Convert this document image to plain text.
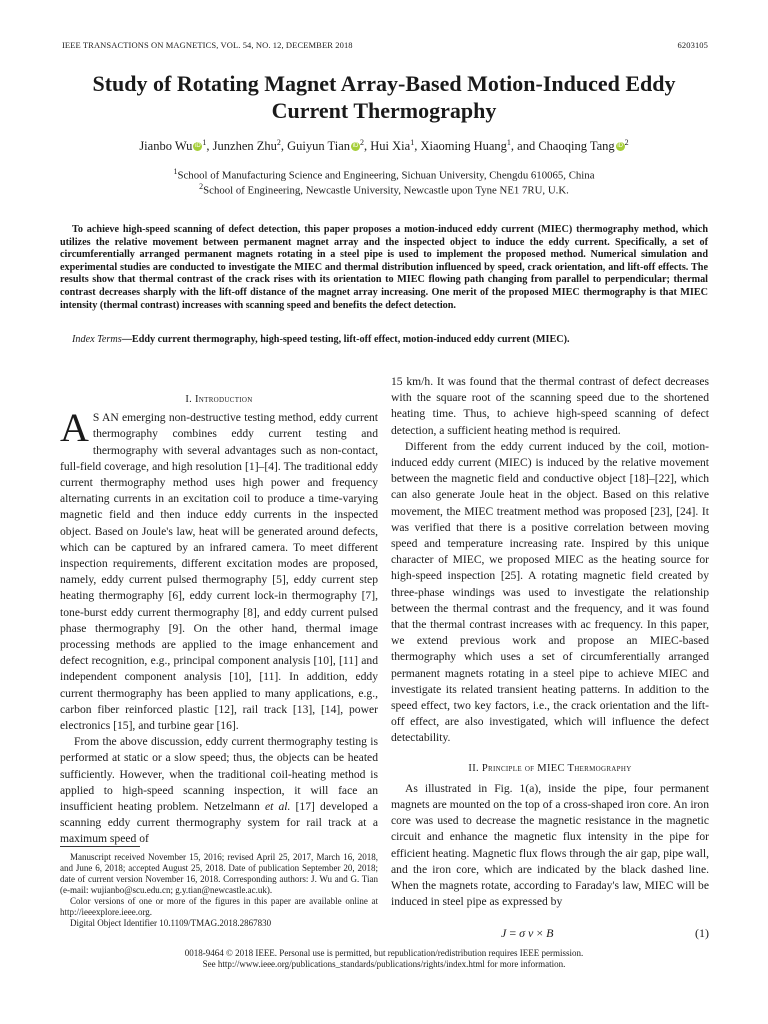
IEEE TRANSACTIONS ON MAGNETICS, VOL. 54, NO. 12, DECEMBER 2018	6203105
Study of Rotating Magnet Array-Based Motion-Induced Eddy Current Thermography
Jianbo Wu iD $^1$, Junzhen Zhu$^2$, Guiyun Tian iD $^2$, Hui Xia$^1$, Xiaoming Huang$^1$, and Chaoqing Tang iD $^2$
$^1$School of Manufacturing Science and Engineering, Sichuan University, Chengdu 610065, China
$^2$School of Engineering, Newcastle University, Newcastle upon Tyne NE1 7RU, U.K.
To achieve high-speed scanning of defect detection, this paper proposes a motion-induced eddy current (MIEC) thermography method, which utilizes the relative movement between permanent magnet array and the inspected object to induce the eddy current. Specifically, a set of circumferentially arranged permanent magnets rotating in a steel pipe is used to implement the proposed method. Numerical simulation and experimental studies are conducted to investigate the MIEC and thermal distribution influenced by speed, crack orientation, and lift-off effects. The results show that thermal contrast of the crack rises with its orientation to MIEC flowing path changing from parallel to perpendicular; thermal contrast decreases sharply with the lift-off distance of the magnet array increasing. One merit of the proposed MIEC thermography is that MIEC intensity (thermal contrast) increases with scanning speed and benefits the defect detection.
Index Terms—Eddy current thermography, high-speed testing, lift-off effect, motion-induced eddy current (MIEC).
I. Introduction

A S AN emerging non-destructive testing method, eddy current thermography combines eddy current testing and thermography with several advantages such as non-contact, full-field coverage, and high resolution [1]–[4]. The traditional eddy current thermography method uses high power and frequency alternating currents in an excitation coil to produce a time-varying magnetic field and then induce eddy currents in the inspected object. Based on Joule's law, heat will be generated around defects, which can be captured by an infrared camera. To meet different inspection requirements, different excitation modes are proposed, namely, eddy current pulsed thermography [5], eddy current step heating thermography [6], eddy current lock-in thermography [7], tone-burst eddy current thermography [8], and eddy current pulsed phase thermography [9]. On the other hand, thermal image processing methods are applied to the image enhancement and defect recognition, e.g., principal component analysis [10], [11] and independent component analysis [10], [11]. In addition, eddy current thermography has been applied to many applications, e.g., carbon fiber reinforced plastic [12], rail track [13], [14], power electronics [15], and turbine gear [16].

From the above discussion, eddy current thermography testing is performed at static or a slow speed; thus, the objects can be heated sufficiently. However, when the traditional coil-heating method is applied to high-speed scanning inspection, it will face an insufficient heating problem. Netzelmann et al. [17] developed a scanning eddy current thermography system for rail track at a maximum speed of

Manuscript received November 15, 2016; revised April 25, 2017, March 16, 2018, and June 6, 2018; accepted August 25, 2018. Date of publication September 20, 2018; date of current version November 16, 2018. Corresponding authors: J. Wu and G. Tian (e-mail: wujianbo@scu.edu.cn; g.y.tian@newcastle.ac.uk).

Color versions of one or more of the figures in this paper are available online at http://ieeexplore.ieee.org.

Digital Object Identifier 10.1109/TMAG.2018.2867830

15 km/h. It was found that the thermal contrast of defect decreases with the square root of the scanning speed due to the shortened heating time. Thus, to achieve high-speed scanning of defect detection, a sufficient heating method is required.

Different from the eddy current induced by the coil, motion-induced eddy current (MIEC) is induced by the relative movement between the magnetic field and conductive object [18]–[22], which can also generate Joule heat in the object. Based on this relative movement, the MIEC treatment method was proposed [23], [24]. It was verified that there is a positive correlation between moving speed and temperature increasing rate. Inspired by this unique character of MIEC, we proposed MIEC as the heating source for high-speed inspection [25]. A rotating magnetic field created by three-phase windings was used to investigate the relationship between the thermal contrast and the frequency, and it was found that the thermal contrast increases with ac frequency. In this paper, we extend previous work and propose an MIEC-based thermography which uses a set of circumferentially arranged permanent magnets rotating in a steel pipe to achieve MIEC and investigate its related transient heating patterns. In addition to the speed effect, two key factors, i.e., the crack orientation and the lift-off effect, are also investigated, which will influence the defect detectability.

II. Principle of MIEC Thermography

As illustrated in Fig. 1(a), inside the pipe, four permanent magnets are mounted on the top of a cross-shaped iron core. An iron core was used to decrease the magnetic resistance in the magnetic circuit and enhance the magnetic flux intensity in the pipe for efficient heating. Magnetic flux flows through the air gap, pipe wall, and the iron core, which are indicated by the black dashed line. When the magnets rotate, according to Faraday's law, MIEC will be induced in steel pipe as expressed by

J = σ v × B	(1)
0018-9464 © 2018 IEEE. Personal use is permitted, but republication/redistribution requires IEEE permission.
See http://www.ieee.org/publications_standards/publications/rights/index.html for more information.
